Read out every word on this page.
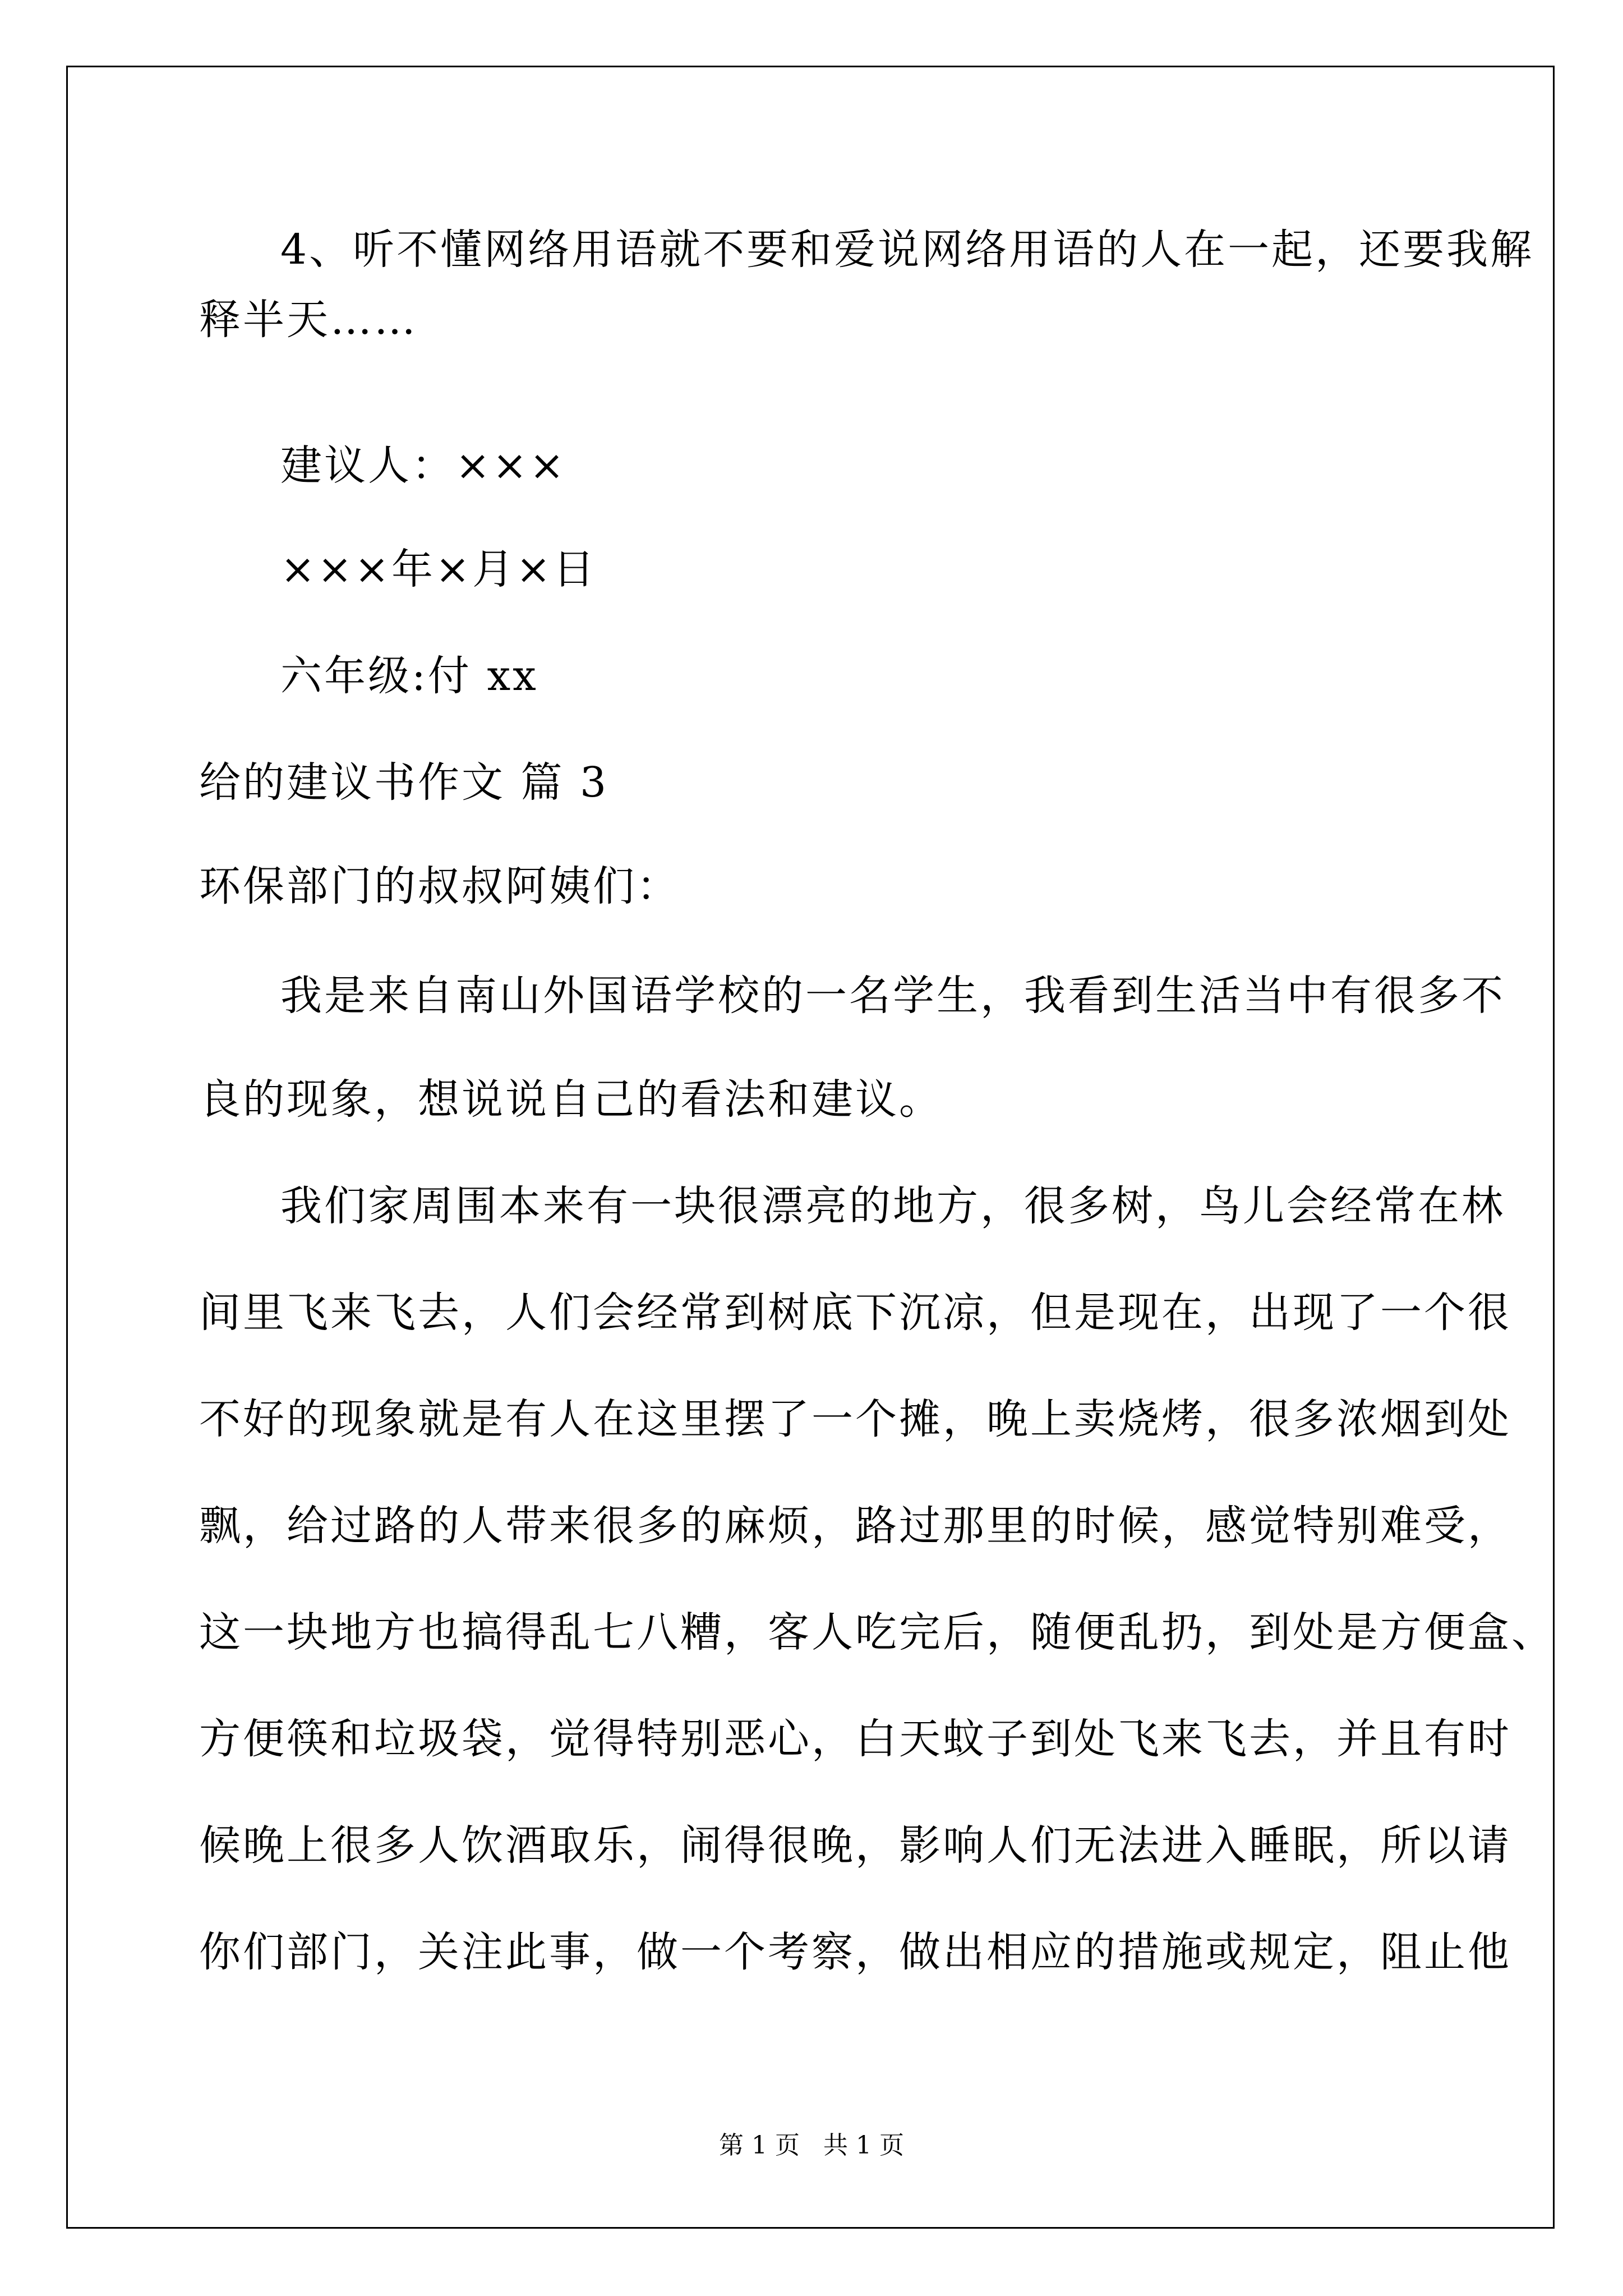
4、听不懂网络用语就不要和爱说网络用语的人在一起，还要我解
释半天……
建议人：×××
×××年×月×日
六年级:付 xx
给的建议书作文 篇 3
环保部门的叔叔阿姨们：
我是来自南山外国语学校的一名学生，我看到生活当中有很多不
良的现象，想说说自己的看法和建议。
我们家周围本来有一块很漂亮的地方，很多树，鸟儿会经常在林
间里飞来飞去，人们会经常到树底下沉凉，但是现在，出现了一个很
不好的现象就是有人在这里摆了一个摊，晚上卖烧烤，很多浓烟到处
飘，给过路的人带来很多的麻烦，路过那里的时候，感觉特别难受，
这一块地方也搞得乱七八糟，客人吃完后，随便乱扔，到处是方便盒、
方便筷和垃圾袋，觉得特别恶心，白天蚊子到处飞来飞去，并且有时
候晚上很多人饮酒取乐，闹得很晚，影响人们无法进入睡眠，所以请
你们部门，关注此事，做一个考察，做出相应的措施或规定，阻止他
第 1 页   共 1 页
